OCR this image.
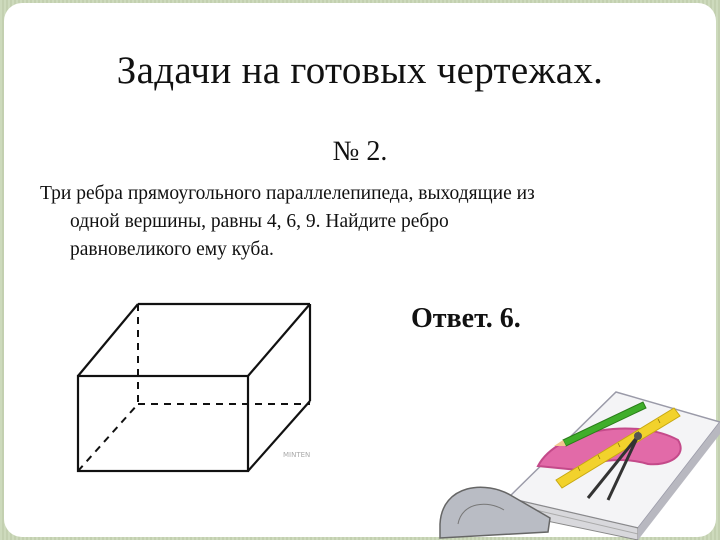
Задачи на готовых чертежах.
№ 2.
Три ребра прямоугольного параллелепипеда, выходящие из
одной вершины, равны 4, 6, 9. Найдите ребро
равновеликого ему куба.
Ответ. 6.
MINTEN
